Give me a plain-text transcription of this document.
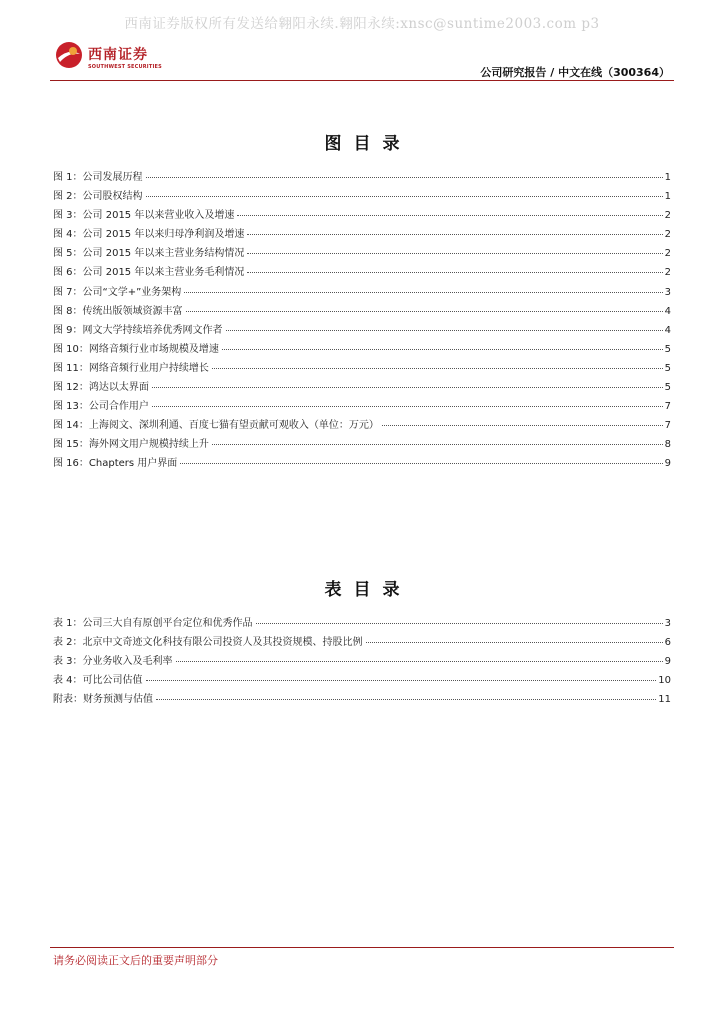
西南证券版权所有发送给翱阳永续.翱阳永续:xnsc@suntime2003.com p3
西南证券
SOUTHWEST SECURITIES	公司研究报告 / 中文在线（300364）
图目录
图 1：公司发展历程	1
图 2：公司股权结构	1
图 3：公司 2015 年以来营业收入及增速	2
图 4：公司 2015 年以来归母净利润及增速	2
图 5：公司 2015 年以来主营业务结构情况	2
图 6：公司 2015 年以来主营业务毛利情况	2
图 7：公司“文学+”业务架构	3
图 8：传统出版领域资源丰富	4
图 9：网文大学持续培养优秀网文作者	4
图 10：网络音频行业市场规模及增速	5
图 11：网络音频行业用户持续增长	5
图 12：鸿达以太界面	5
图 13：公司合作用户	7
图 14：上海阅文、深圳利通、百度七猫有望贡献可观收入（单位：万元）	7
图 15：海外网文用户规模持续上升	8
图 16：Chapters 用户界面	9
表目录
表 1：公司三大自有原创平台定位和优秀作品	3
表 2：北京中文奇迹文化科技有限公司投资人及其投资规模、持股比例	6
表 3：分业务收入及毛利率	9
表 4：可比公司估值	10
附表：财务预测与估值	11
请务必阅读正文后的重要声明部分
